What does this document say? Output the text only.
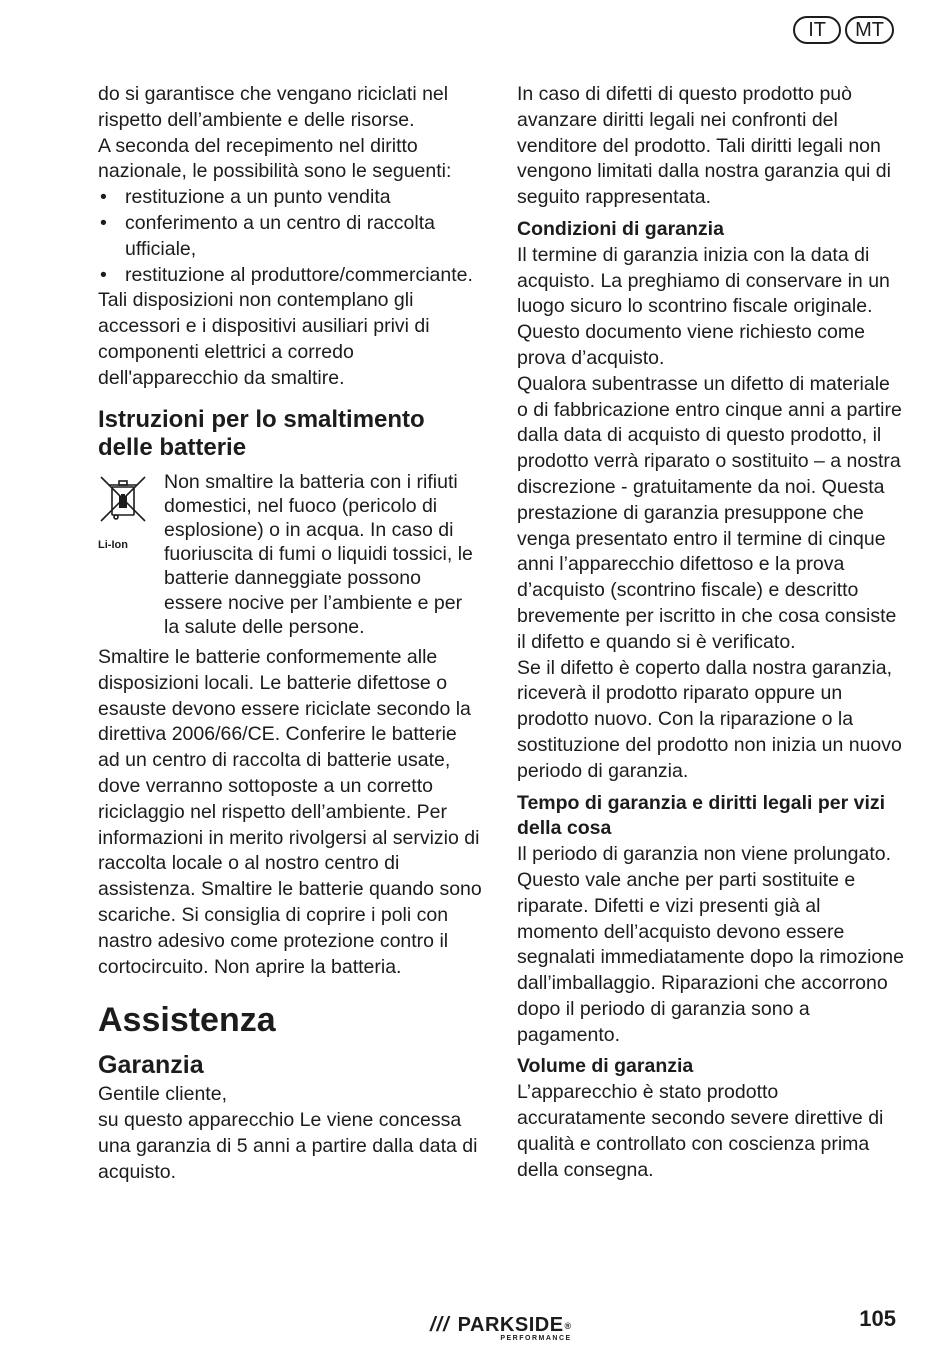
IT	MT

do si garantisce che vengano riciclati nel rispetto dell’ambiente e delle risorse.

A seconda del recepimento nel diritto nazionale, le possibilità sono le seguenti:

• restituzione a un punto vendita
• conferimento a un centro di raccolta ufficiale,
• restituzione al produttore/commerciante.

Tali disposizioni non contemplano gli accessori e i dispositivi ausiliari privi di componenti elettrici a corredo dell'apparecchio da smaltire.

Istruzioni per lo smaltimento delle batterie
Li-Ion

Non smaltire la batteria con i rifiuti domestici, nel fuoco (pericolo di esplosione) o in acqua. In caso di fuoriuscita di fumi o liquidi tossici, le batterie danneggiate possono essere nocive per l’ambiente e per la salute delle persone.

Smaltire le batterie conformemente alle disposizioni locali. Le batterie difettose o esauste devono essere riciclate secondo la direttiva 2006/66/CE. Conferire le batterie ad un centro di raccolta di batterie usate, dove verranno sottoposte a un corretto riciclaggio nel rispetto dell’ambiente. Per informazioni in merito rivolgersi al servizio di raccolta locale o al nostro centro di assistenza. Smaltire le batterie quando sono scariche. Si consiglia di coprire i poli con nastro adesivo come protezione contro il cortocircuito. Non aprire la batteria.

Assistenza
Garanzia

Gentile cliente,

su questo apparecchio Le viene concessa una garanzia di 5 anni a partire dalla data di acquisto.

In caso di difetti di questo prodotto può avanzare diritti legali nei confronti del venditore del prodotto. Tali diritti legali non vengono limitati dalla nostra garanzia qui di seguito rappresentata.

Condizioni di garanzia

Il termine di garanzia inizia con la data di acquisto. La preghiamo di conservare in un luogo sicuro lo scontrino fiscale originale. Questo documento viene richiesto come prova d’acquisto.

Qualora subentrasse un difetto di materiale o di fabbricazione entro cinque anni a partire dalla data di acquisto di questo prodotto, il prodotto verrà riparato o sostituito – a nostra discrezione - gratuitamente da noi. Questa prestazione di garanzia presuppone che venga presentato entro il termine di cinque anni l’apparecchio difettoso e la prova d’acquisto (scontrino fiscale) e descritto brevemente per iscritto in che cosa consiste il difetto e quando si è verificato.

Se il difetto è coperto dalla nostra garanzia, riceverà il prodotto riparato oppure un prodotto nuovo. Con la riparazione o la sostituzione del prodotto non inizia un nuovo periodo di garanzia.

Tempo di garanzia e diritti legali per vizi della cosa

Il periodo di garanzia non viene prolungato. Questo vale anche per parti sostituite e riparate. Difetti e vizi presenti già al momento dell’acquisto devono essere segnalati immediatamente dopo la rimozione dall’imballaggio. Riparazioni che accorrono dopo il periodo di garanzia sono a pagamento.

Volume di garanzia

L’apparecchio è stato prodotto accuratamente secondo severe direttive di qualità e controllato con coscienza prima della consegna.

/// PARKSIDE ®
PERFORMANCE
105
